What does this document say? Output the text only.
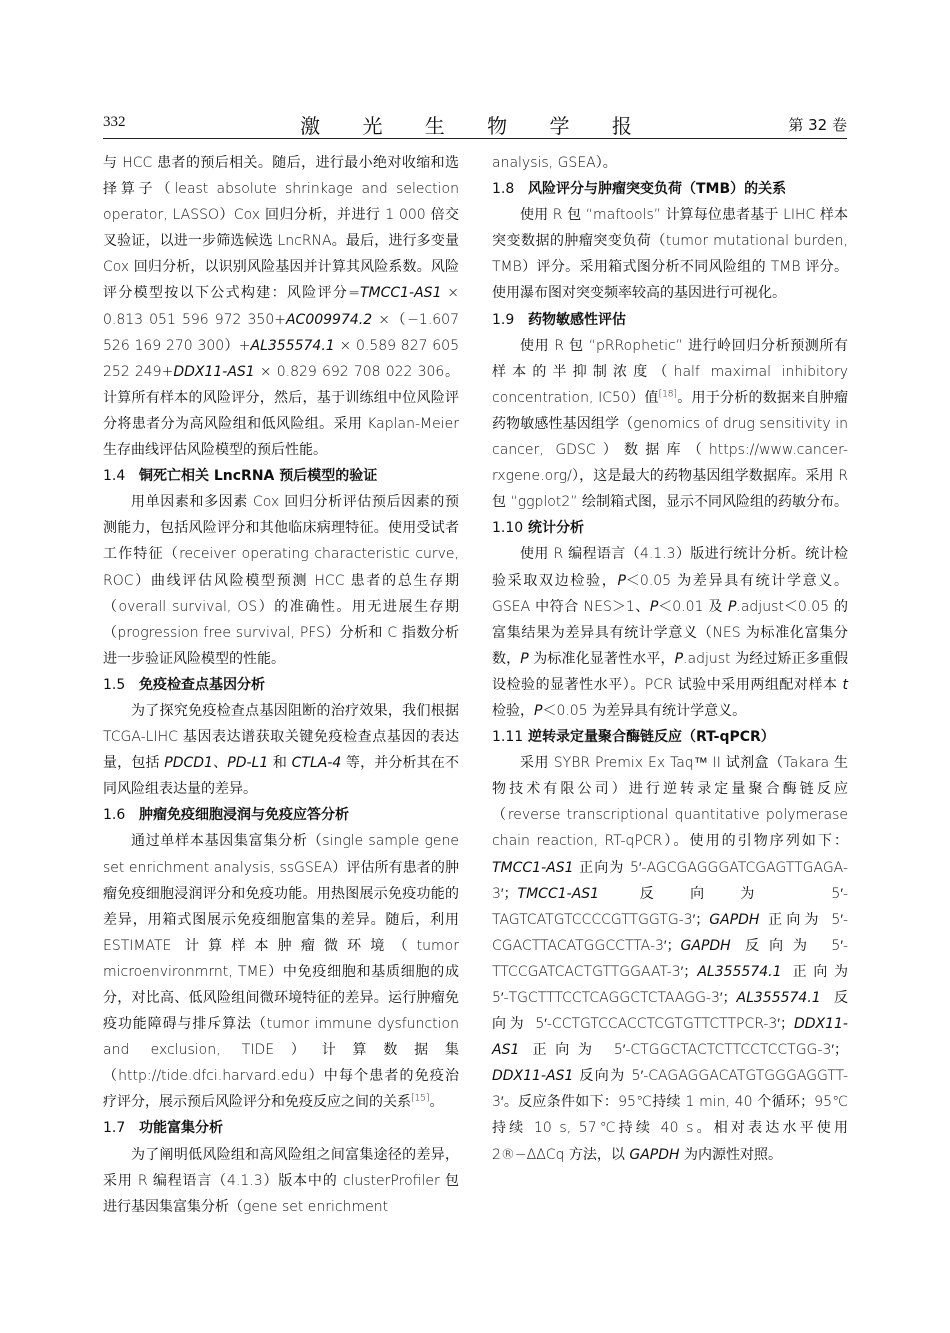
332	激 光 生 物 学 报	第 32 卷

与 HCC 患者的预后相关。随后，进行最小绝对收缩和选择算子（least absolute shrinkage and selection operator, LASSO）Cox 回归分析，并进行 1 000 倍交叉验证，以进一步筛选候选 LncRNA。最后，进行多变量 Cox 回归分析，以识别风险基因并计算其风险系数。风险评分模型按以下公式构建：风险评分=TMCC1-AS1 × 0.813 051 596 972 350+AC009974.2 ×（−1.607 526 169 270 300）+AL355574.1 × 0.589 827 605 252 249+DDX11-AS1 × 0.829 692 708 022 306。计算所有样本的风险评分，然后，基于训练组中位风险评分将患者分为高风险组和低风险组。采用 Kaplan-Meier 生存曲线评估风险模型的预后性能。

1.4 铜死亡相关 LncRNA 预后模型的验证

用单因素和多因素 Cox 回归分析评估预后因素的预测能力，包括风险评分和其他临床病理特征。使用受试者工作特征（receiver operating characteristic curve, ROC）曲线评估风险模型预测 HCC 患者的总生存期（overall survival, OS）的准确性。用无进展生存期（progression free survival, PFS）分析和 C 指数分析进一步验证风险模型的性能。

1.5 免疫检查点基因分析

为了探究免疫检查点基因阻断的治疗效果，我们根据 TCGA-LIHC 基因表达谱获取关键免疫检查点基因的表达量，包括 PDCD1、PD-L1 和 CTLA-4 等，并分析其在不同风险组表达量的差异。

1.6 肿瘤免疫细胞浸润与免疫应答分析

通过单样本基因集富集分析（single sample gene set enrichment analysis, ssGSEA）评估所有患者的肿瘤免疫细胞浸润评分和免疫功能。用热图展示免疫功能的差异，用箱式图展示免疫细胞富集的差异。随后，利用 ESTIMATE 计算样本肿瘤微环境（tumor microenvironmrnt, TME）中免疫细胞和基质细胞的成分，对比高、低风险组间微环境特征的差异。运行肿瘤免疫功能障碍与排斥算法（tumor immune dysfunction and exclusion, TIDE）计算数据集（http://tide.dfci.harvard.edu）中每个患者的免疫治疗评分，展示预后风险评分和免疫反应之间的关系[15]。

1.7 功能富集分析

为了阐明低风险组和高风险组之间富集途径的差异，采用 R 编程语言（4.1.3）版本中的 clusterProfiler 包进行基因集富集分析（gene set enrichment

analysis, GSEA）。

1.8 风险评分与肿瘤突变负荷（TMB）的关系

使用 R 包 “maftools” 计算每位患者基于 LIHC 样本突变数据的肿瘤突变负荷（tumor mutational burden, TMB）评分。采用箱式图分析不同风险组的 TMB 评分。使用瀑布图对突变频率较高的基因进行可视化。

1.9 药物敏感性评估

使用 R 包 “pRRophetic” 进行岭回归分析预测所有样本的半抑制浓度（half maximal inhibitory concentration, IC50）值[18]。用于分析的数据来自肿瘤药物敏感性基因组学（genomics of drug sensitivity in cancer, GDSC）数据库（https://www.cancer-rxgene.org/），这是最大的药物基因组学数据库。采用 R 包 “ggplot2” 绘制箱式图，显示不同风险组的药敏分布。

1.10 统计分析

使用 R 编程语言（4.1.3）版进行统计分析。统计检验采取双边检验，P＜0.05 为差异具有统计学意义。GSEA 中符合 NES＞1、P＜0.01 及 P.adjust＜0.05 的富集结果为差异具有统计学意义（NES 为标准化富集分数，P 为标准化显著性水平，P.adjust 为经过矫正多重假设检验的显著性水平）。PCR 试验中采用两组配对样本 t 检验，P＜0.05 为差异具有统计学意义。

1.11 逆转录定量聚合酶链反应（RT-qPCR）

采用 SYBR Premix Ex Taq™ II 试剂盒（Takara 生物技术有限公司）进行逆转录定量聚合酶链反应（reverse transcriptional quantitative polymerase chain reaction, RT-qPCR）。使用的引物序列如下：TMCC1-AS1 正向为 5′-AGCGAGGGATCGAGTTGAGA-3′；TMCC1-AS1 反向为 5′-TAGTCATGTCCCCGTTGGTG-3′；GAPDH 正向为 5′-CGACTTACATGGCCTTA-3′；GAPDH 反向为 5′-TTCCGATCACTGTTGGAAT-3′；AL355574.1 正向为 5′-TGCTTTCCTCAGGCTCTAAGG-3′；AL355574.1 反向为 5′-CCTGTCCACCTCGTGTTCTTPCR-3′；DDX11-AS1 正向为 5′-CTGGCTACTCTTCCTCCTGG-3′；DDX11-AS1 反向为 5′-CAGAGGACATGTGGGAGGTT-3′。反应条件如下：95℃持续 1 min, 40 个循环；95℃持续 10 s, 57℃持续 40 s。相对表达水平使用 2®−ΔΔCq 方法，以 GAPDH 为内源性对照。
